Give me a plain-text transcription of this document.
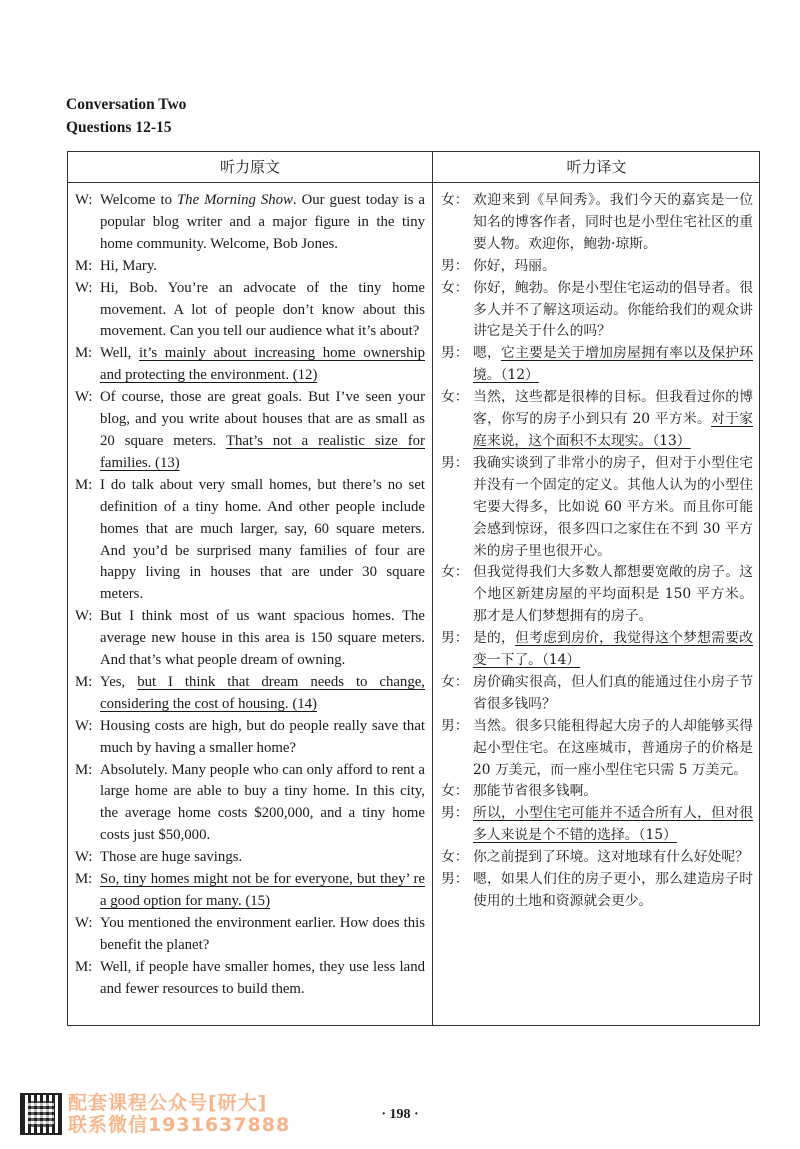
Conversation Two
Questions 12-15
听力原文	听力译文
W: Welcome to The Morning Show. Our guest today is a popular blog writer and a major figure in the tiny home community. Welcome, Bob Jones.
M: Hi, Mary.
W: Hi, Bob. You’re an advocate of the tiny home movement. A lot of people don’t know about this movement. Can you tell our audience what it’s about?
M: Well, it’s mainly about increasing home ownership and protecting the environment. (12)
W: Of course, those are great goals. But I’ve seen your blog, and you write about houses that are as small as 20 square meters. That’s not a realistic size for families. (13)
M: I do talk about very small homes, but there’s no set definition of a tiny home. And other people include homes that are much larger, say, 60 square meters. And you’d be surprised many families of four are happy living in houses that are under 30 square meters.
W: But I think most of us want spacious homes. The average new house in this area is 150 square meters. And that’s what people dream of owning.
M: Yes, but I think that dream needs to change, considering the cost of housing. (14)
W: Housing costs are high, but do people really save that much by having a smaller home?
M: Absolutely. Many people who can only afford to rent a large home are able to buy a tiny home. In this city, the average home costs $200,000, and a tiny home costs just $50,000.
W: Those are huge savings.
M: So, tiny homes might not be for everyone, but they’ re a good option for many. (15)
W: You mentioned the environment earlier. How does this benefit the planet?
M: Well, if people have smaller homes, they use less land and fewer resources to build them.
女： 欢迎来到《早间秀》。我们今天的嘉宾是一位知名的博客作者，同时也是小型住宅社区的重要人物。欢迎你，鲍勃·琼斯。
男： 你好，玛丽。
女： 你好，鲍勃。你是小型住宅运动的倡导者。很多人并不了解这项运动。你能给我们的观众讲讲它是关于什么的吗？
男： 嗯，它主要是关于增加房屋拥有率以及保护环境。（12）
女： 当然，这些都是很棒的目标。但我看过你的博客，你写的房子小到只有 20 平方米。对于家庭来说，这个面积不太现实。（13）
男： 我确实谈到了非常小的房子，但对于小型住宅并没有一个固定的定义。其他人认为的小型住宅要大得多，比如说 60 平方米。而且你可能会感到惊讶，很多四口之家住在不到 30 平方米的房子里也很开心。
女： 但我觉得我们大多数人都想要宽敞的房子。这个地区新建房屋的平均面积是 150 平方米。那才是人们梦想拥有的房子。
男： 是的，但考虑到房价，我觉得这个梦想需要改变一下了。（14）
女： 房价确实很高，但人们真的能通过住小房子节省很多钱吗？
男： 当然。很多只能租得起大房子的人却能够买得起小型住宅。在这座城市，普通房子的价格是 20 万美元，而一座小型住宅只需 5 万美元。
女： 那能节省很多钱啊。
男： 所以，小型住宅可能并不适合所有人，但对很多人来说是个不错的选择。（15）
女： 你之前提到了环境。这对地球有什么好处呢？
男： 嗯，如果人们住的房子更小，那么建造房子时使用的土地和资源就会更少。
· 198 ·
配套课程公众号[研大]
联系微信1931637888
